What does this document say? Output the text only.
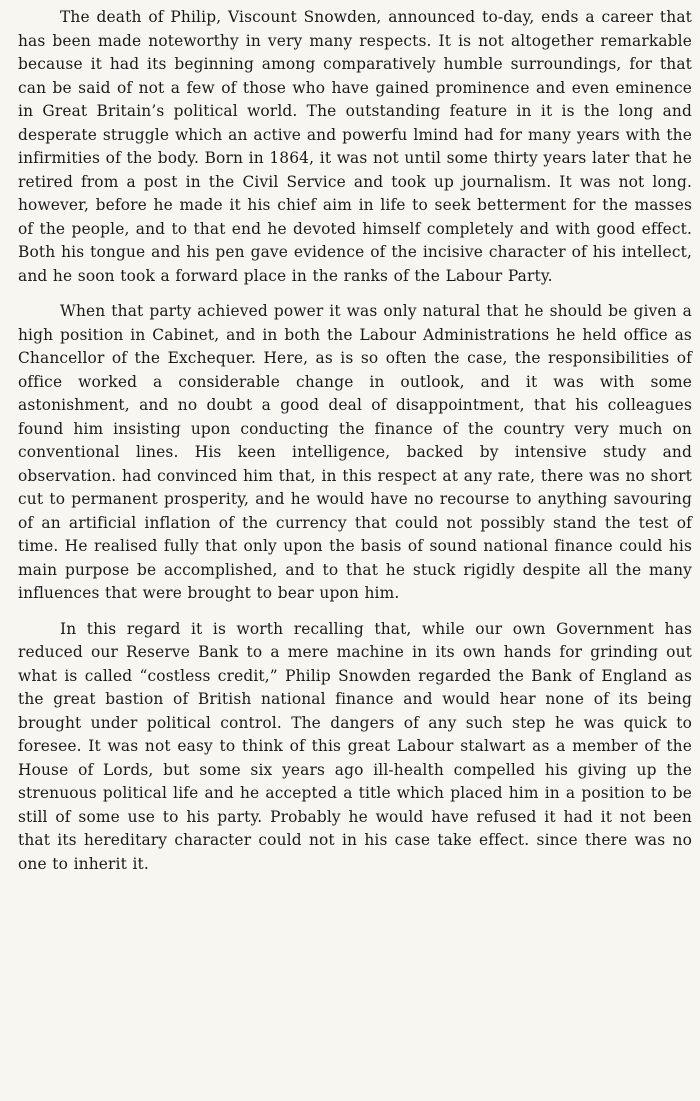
The death of Philip, Viscount Snowden, announced to-day, ends a career that has been made noteworthy in very many respects. It is not altogether remarkable because it had its beginning among comparatively humble surroundings, for that can be said of not a few of those who have gained prominence and even eminence in Great Britain’s political world. The outstanding feature in it is the long and desperate struggle which an active and powerfu lmind had for many years with the infirmities of the body. Born in 1864, it was not until some thirty years later that he retired from a post in the Civil Service and took up journalism. It was not long. however, before he made it his chief aim in life to seek betterment for the masses of the people, and to that end he devoted himself completely and with good effect. Both his tongue and his pen gave evidence of the incisive character of his intellect, and he soon took a forward place in the ranks of the Labour Party.

When that party achieved power it was only natural that he should be given a high position in Cabinet, and in both the Labour Administrations he held office as Chancellor of the Exchequer. Here, as is so often the case, the responsibilities of office worked a considerable change in outlook, and it was with some astonishment, and no doubt a good deal of disappointment, that his colleagues found him insisting upon conducting the finance of the country very much on conventional lines. His keen intelligence, backed by intensive study and observation. had convinced him that, in this respect at any rate, there was no short cut to permanent prosperity, and he would have no recourse to anything savouring of an artificial inflation of the currency that could not possibly stand the test of time. He realised fully that only upon the basis of sound national finance could his main purpose be accomplished, and to that he stuck rigidly despite all the many influences that were brought to bear upon him.

In this regard it is worth recalling that, while our own Government has reduced our Reserve Bank to a mere machine in its own hands for grinding out what is called “costless credit,” Philip Snowden regarded the Bank of England as the great bastion of British national finance and would hear none of its being brought under political control. The dangers of any such step he was quick to foresee. It was not easy to think of this great Labour stalwart as a member of the House of Lords, but some six years ago ill-health compelled his giving up the strenuous political life and he accepted a title which placed him in a position to be still of some use to his party. Probably he would have refused it had it not been that its hereditary character could not in his case take effect. since there was no one to inherit it.
